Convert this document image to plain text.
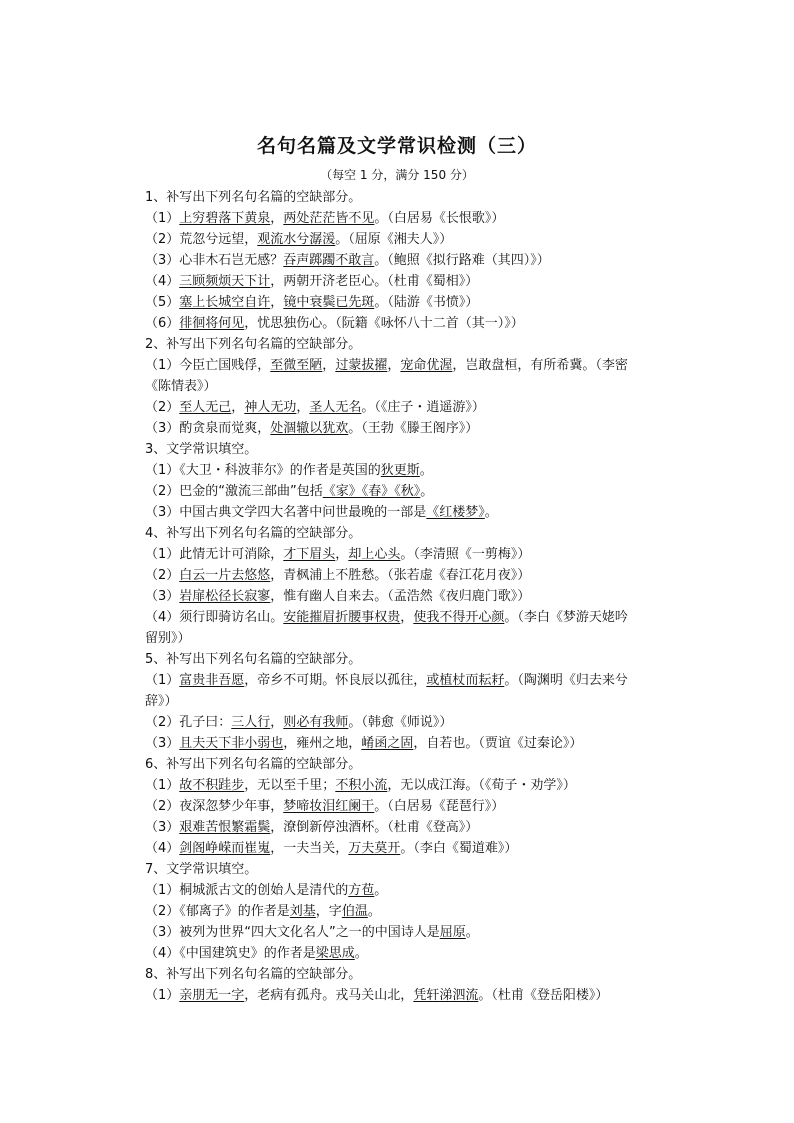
名句名篇及文学常识检测（三）
（每空 1 分，满分 150 分）
1、补写出下列名句名篇的空缺部分。
（1）上穷碧落下黄泉，两处茫茫皆不见。（白居易《长恨歌》）
（2）荒忽兮远望，观流水兮潺湲。（屈原《湘夫人》）
（3）心非木石岂无感？吞声踯躅不敢言。（鲍照《拟行路难（其四）》）
（4）三顾频烦天下计，两朝开济老臣心。（杜甫《蜀相》）
（5）塞上长城空自许，镜中衰鬓已先斑。（陆游《书愤》）
（6）徘徊将何见，忧思独伤心。（阮籍《咏怀八十二首（其一）》）
2、补写出下列名句名篇的空缺部分。
（1）今臣亡国贱俘，至微至陋，过蒙拔擢，宠命优渥，岂敢盘桓，有所希冀。（李密
《陈情表》）
（2）至人无己，神人无功，圣人无名。（《庄子・逍遥游》）
（3）酌贪泉而觉爽，处涸辙以犹欢。（王勃《滕王阁序》）
3、文学常识填空。
（1）《大卫・科波菲尔》的作者是英国的狄更斯。
（2）巴金的“激流三部曲”包括《家》《春》《秋》。
（3）中国古典文学四大名著中问世最晚的一部是《红楼梦》。
4、补写出下列名句名篇的空缺部分。
（1）此情无计可消除，才下眉头，却上心头。（李清照《一剪梅》）
（2）白云一片去悠悠，青枫浦上不胜愁。（张若虚《春江花月夜》）
（3）岩扉松径长寂寥，惟有幽人自来去。（孟浩然《夜归鹿门歌》）
（4）须行即骑访名山。安能摧眉折腰事权贵，使我不得开心颜。（李白《梦游天姥吟
留别》）
5、补写出下列名句名篇的空缺部分。
（1）富贵非吾愿，帝乡不可期。怀良辰以孤往，或植杖而耘耔。（陶渊明《归去来兮
辞》）
（2）孔子曰：三人行，则必有我师。（韩愈《师说》）
（3）且夫天下非小弱也，雍州之地，崤函之固，自若也。（贾谊《过秦论》）
6、补写出下列名句名篇的空缺部分。
（1）故不积跬步，无以至千里；不积小流，无以成江海。（《荀子・劝学》）
（2）夜深忽梦少年事，梦啼妆泪红阑干。（白居易《琵琶行》）
（3）艰难苦恨繁霜鬓，潦倒新停浊酒杯。（杜甫《登高》）
（4）剑阁峥嵘而崔嵬，一夫当关，万夫莫开。（李白《蜀道难》）
7、文学常识填空。
（1）桐城派古文的创始人是清代的方苞。
（2）《郁离子》的作者是刘基，字伯温。
（3）被列为世界“四大文化名人”之一的中国诗人是屈原。
（4）《中国建筑史》的作者是梁思成。
8、补写出下列名句名篇的空缺部分。
（1）亲朋无一字，老病有孤舟。戎马关山北，凭轩涕泗流。（杜甫《登岳阳楼》）
